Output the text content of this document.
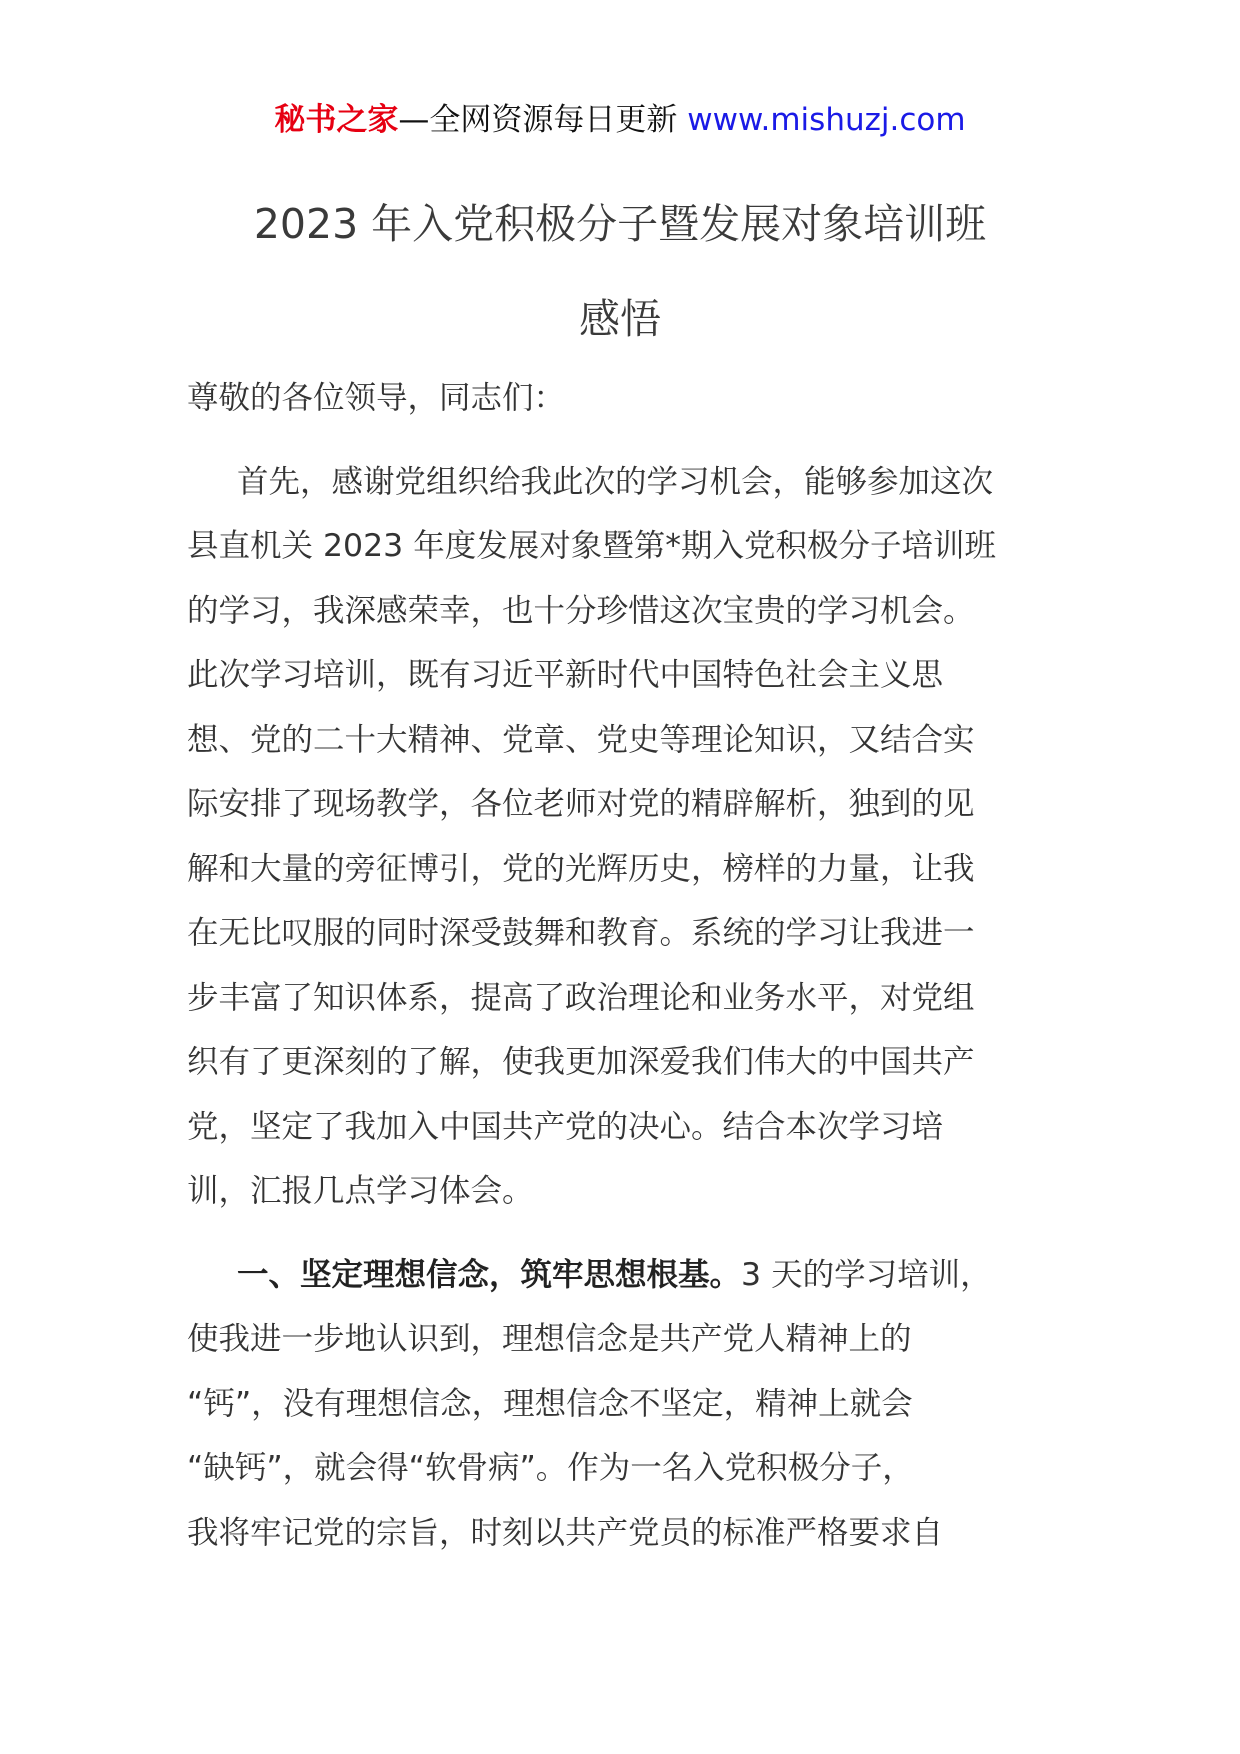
秘书之家—全网资源每日更新 www.mishuzj.com
2023 年入党积极分子暨发展对象培训班
感悟
尊敬的各位领导，同志们：
首先，感谢党组织给我此次的学习机会，能够参加这次
县直机关 2023 年度发展对象暨第*期入党积极分子培训班
的学习，我深感荣幸，也十分珍惜这次宝贵的学习机会。
此次学习培训，既有习近平新时代中国特色社会主义思
想、党的二十大精神、党章、党史等理论知识，又结合实
际安排了现场教学，各位老师对党的精辟解析，独到的见
解和大量的旁征博引，党的光辉历史，榜样的力量，让我
在无比叹服的同时深受鼓舞和教育。系统的学习让我进一
步丰富了知识体系，提高了政治理论和业务水平，对党组
织有了更深刻的了解，使我更加深爱我们伟大的中国共产
党，坚定了我加入中国共产党的决心。结合本次学习培
训，汇报几点学习体会。
一、坚定理想信念，筑牢思想根基。3 天的学习培训，
使我进一步地认识到，理想信念是共产党人精神上的
“钙”，没有理想信念，理想信念不坚定，精神上就会
“缺钙”，就会得“软骨病”。作为一名入党积极分子，
我将牢记党的宗旨，时刻以共产党员的标准严格要求自
